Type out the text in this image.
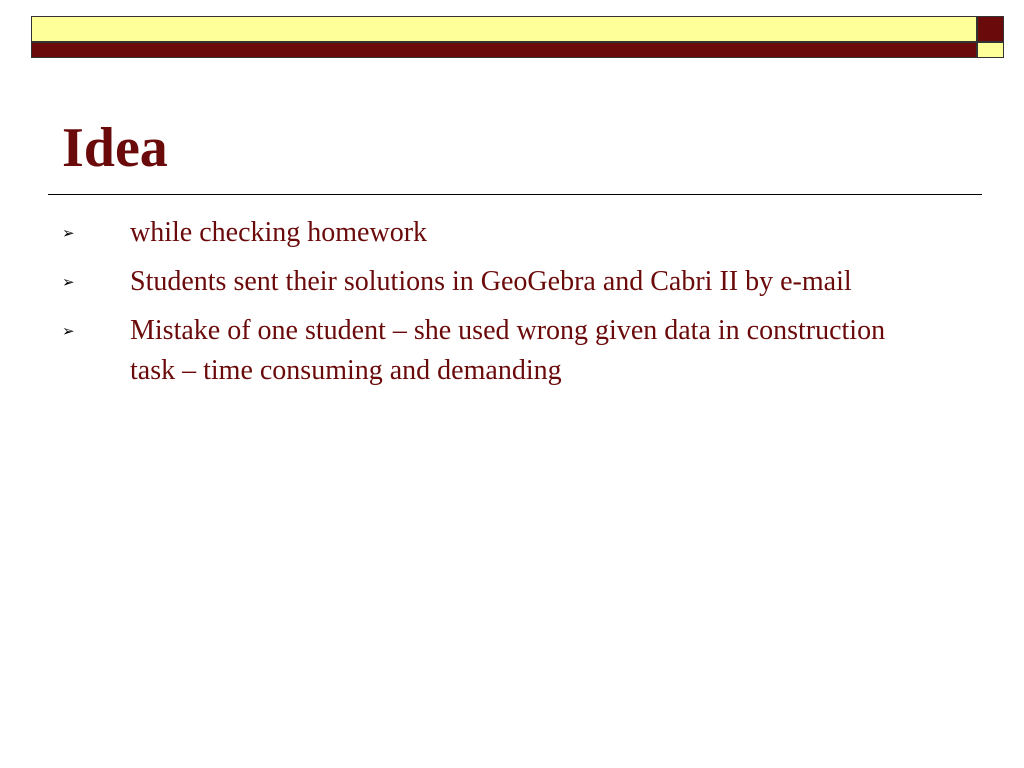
Idea
➢ while checking homework
➢ Students sent their solutions in GeoGebra and Cabri II by e-mail
➢ Mistake of one student – she used wrong given data in construction task – time consuming and demanding
